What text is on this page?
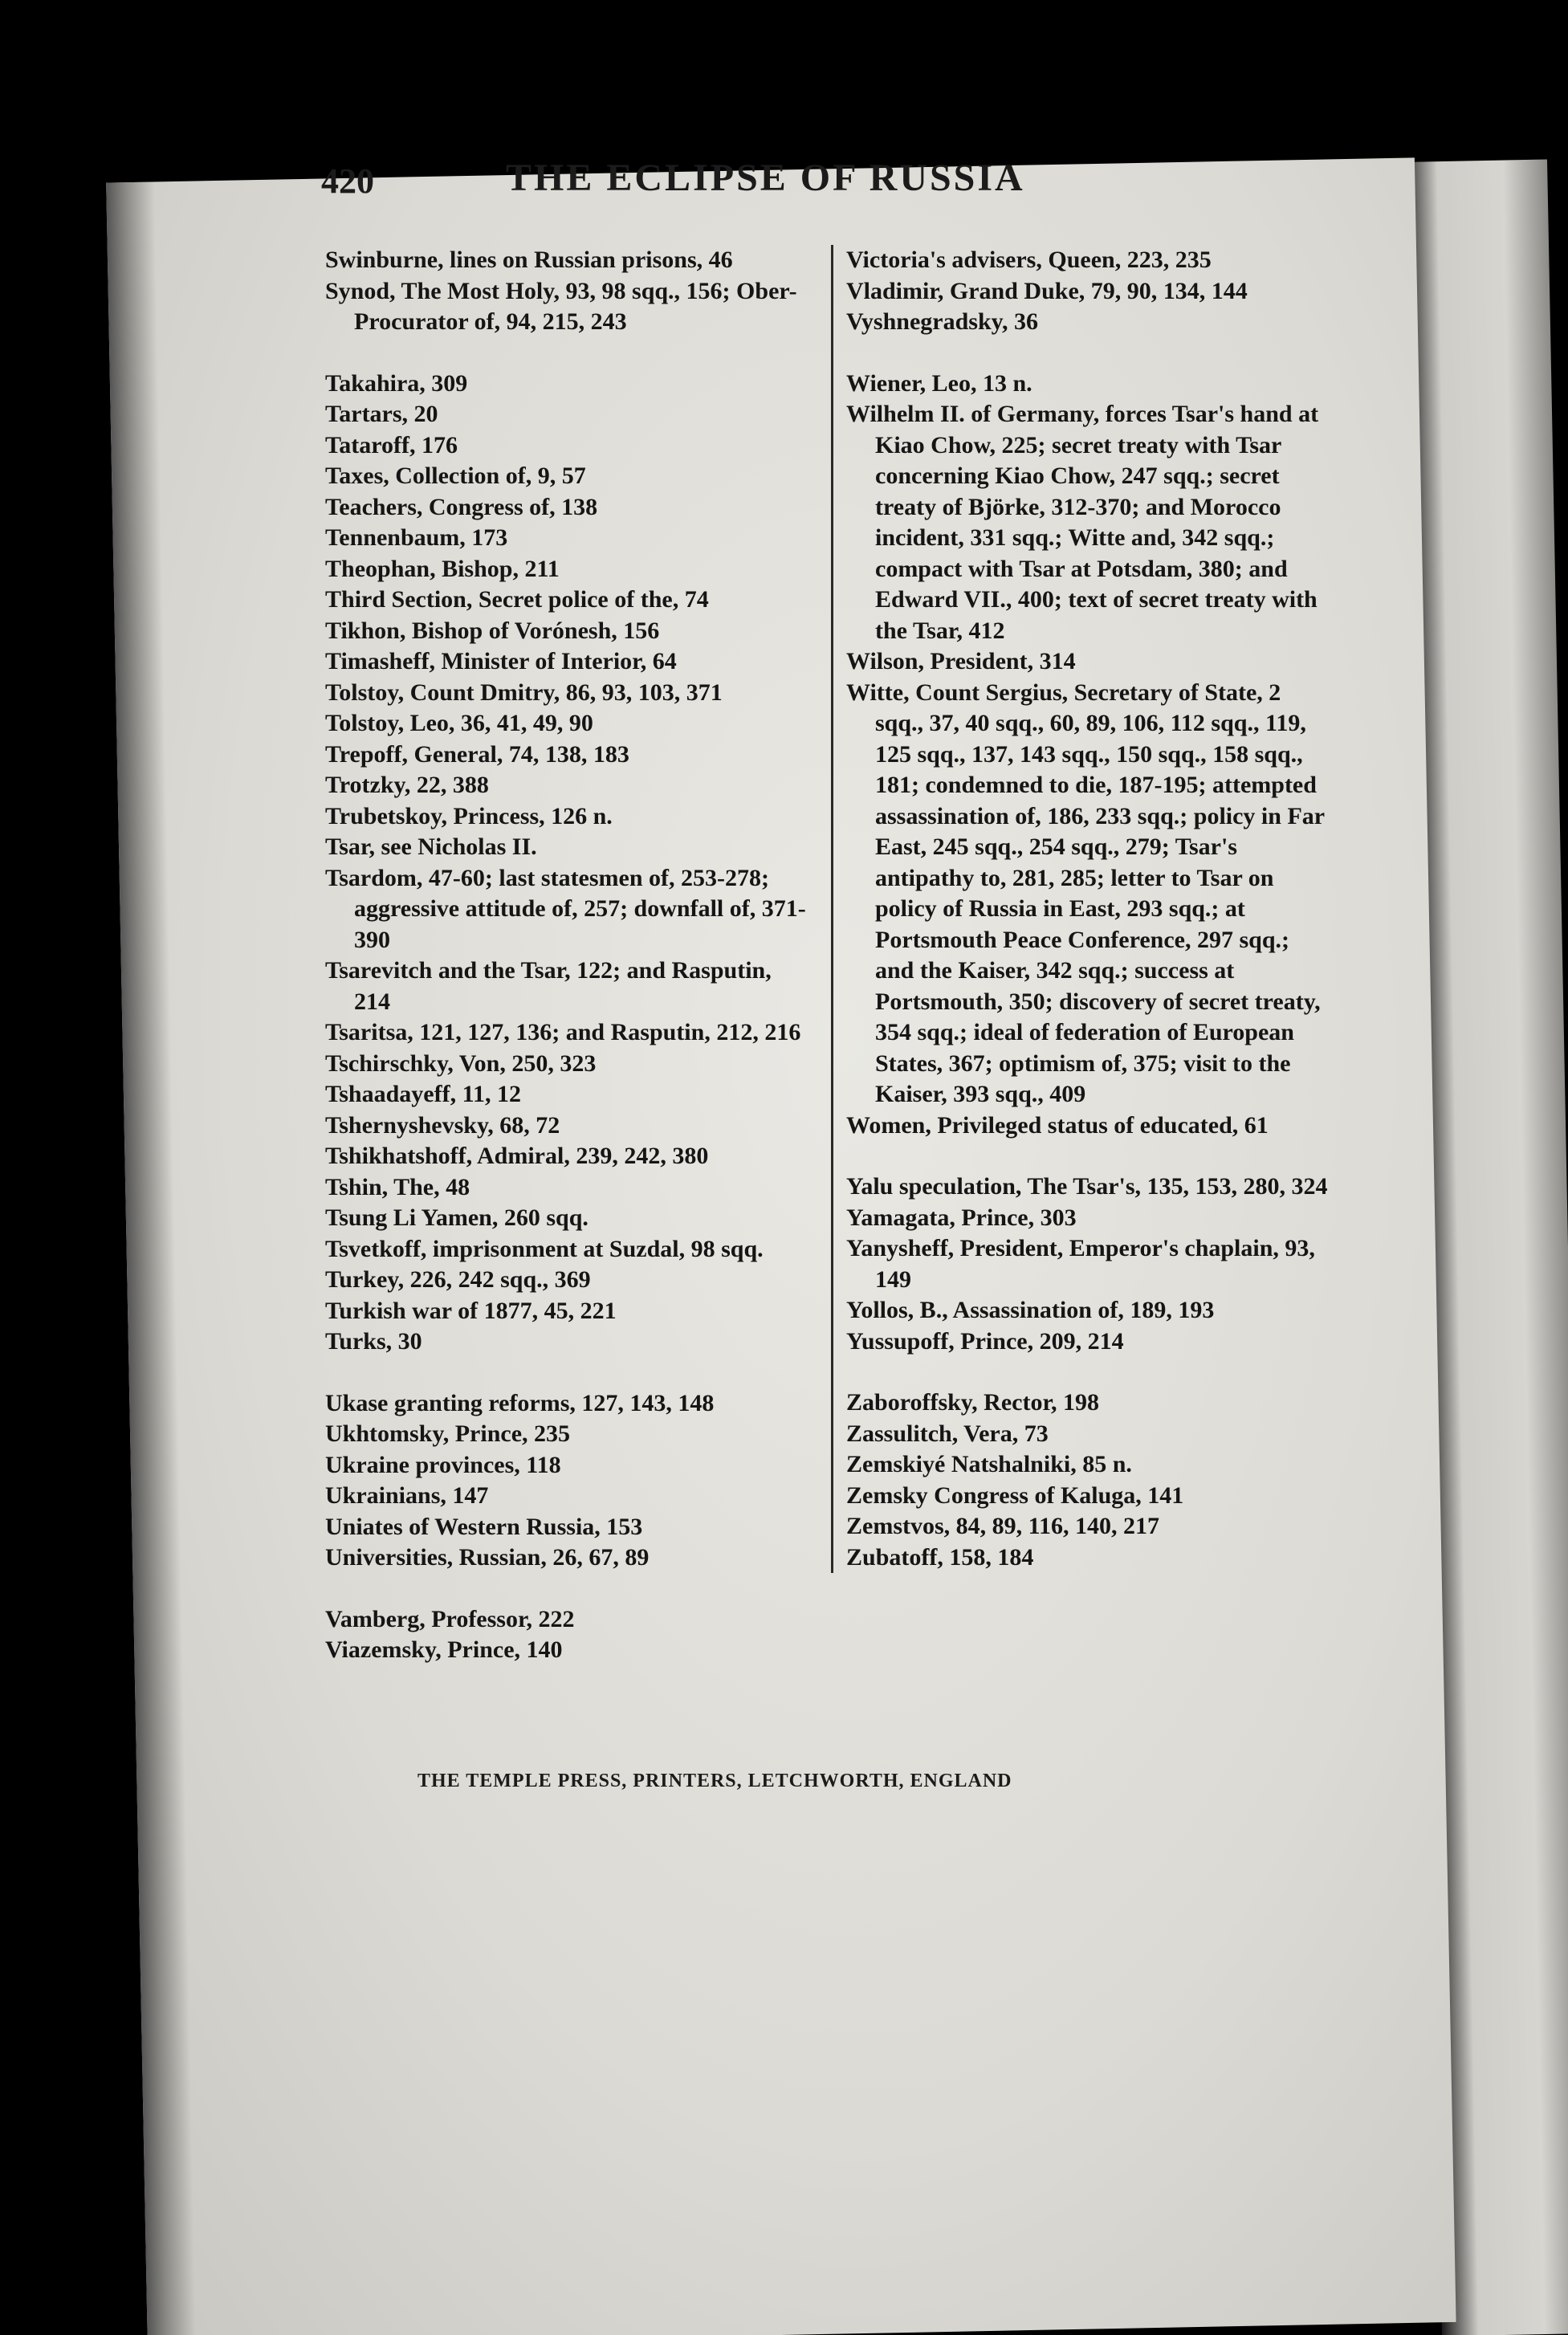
420	THE ECLIPSE OF RUSSIA
Swinburne, lines on Russian prisons, 46
Synod, The Most Holy, 93, 98 sqq., 156; Ober-Procurator of, 94, 215, 243
Takahira, 309
Tartars, 20
Tataroff, 176
Taxes, Collection of, 9, 57
Teachers, Congress of, 138
Tennenbaum, 173
Theophan, Bishop, 211
Third Section, Secret police of the, 74
Tikhon, Bishop of Vorónesh, 156
Timasheff, Minister of Interior, 64
Tolstoy, Count Dmitry, 86, 93, 103, 371
Tolstoy, Leo, 36, 41, 49, 90
Trepoff, General, 74, 138, 183
Trotzky, 22, 388
Trubetskoy, Princess, 126 n.
Tsar, see Nicholas II.
Tsardom, 47-60; last statesmen of, 253-278; aggressive attitude of, 257; downfall of, 371-390
Tsarevitch and the Tsar, 122; and Rasputin, 214
Tsaritsa, 121, 127, 136; and Rasputin, 212, 216
Tschirschky, Von, 250, 323
Tshaadayeff, 11, 12
Tshernyshevsky, 68, 72
Tshikhatshoff, Admiral, 239, 242, 380
Tshin, The, 48
Tsung Li Yamen, 260 sqq.
Tsvetkoff, imprisonment at Suzdal, 98 sqq.
Turkey, 226, 242 sqq., 369
Turkish war of 1877, 45, 221
Turks, 30
Ukase granting reforms, 127, 143, 148
Ukhtomsky, Prince, 235
Ukraine provinces, 118
Ukrainians, 147
Uniates of Western Russia, 153
Universities, Russian, 26, 67, 89
Vamberg, Professor, 222
Viazemsky, Prince, 140
Victoria's advisers, Queen, 223, 235
Vladimir, Grand Duke, 79, 90, 134, 144
Vyshnegradsky, 36
Wiener, Leo, 13 n.
Wilhelm II. of Germany, forces Tsar's hand at Kiao Chow, 225; secret treaty with Tsar concerning Kiao Chow, 247 sqq.; secret treaty of Björke, 312-370; and Morocco incident, 331 sqq.; Witte and, 342 sqq.; compact with Tsar at Potsdam, 380; and Edward VII., 400; text of secret treaty with the Tsar, 412
Wilson, President, 314
Witte, Count Sergius, Secretary of State, 2 sqq., 37, 40 sqq., 60, 89, 106, 112 sqq., 119, 125 sqq., 137, 143 sqq., 150 sqq., 158 sqq., 181; condemned to die, 187-195; attempted assassination of, 186, 233 sqq.; policy in Far East, 245 sqq., 254 sqq., 279; Tsar's antipathy to, 281, 285; letter to Tsar on policy of Russia in East, 293 sqq.; at Portsmouth Peace Conference, 297 sqq.; and the Kaiser, 342 sqq.; success at Portsmouth, 350; discovery of secret treaty, 354 sqq.; ideal of federation of European States, 367; optimism of, 375; visit to the Kaiser, 393 sqq., 409
Women, Privileged status of educated, 61
Yalu speculation, The Tsar's, 135, 153, 280, 324
Yamagata, Prince, 303
Yanysheff, President, Emperor's chaplain, 93, 149
Yollos, B., Assassination of, 189, 193
Yussupoff, Prince, 209, 214
Zaboroffsky, Rector, 198
Zassulitch, Vera, 73
Zemskiyé Natshalniki, 85 n.
Zemsky Congress of Kaluga, 141
Zemstvos, 84, 89, 116, 140, 217
Zubatoff, 158, 184
THE TEMPLE PRESS, PRINTERS, LETCHWORTH, ENGLAND
